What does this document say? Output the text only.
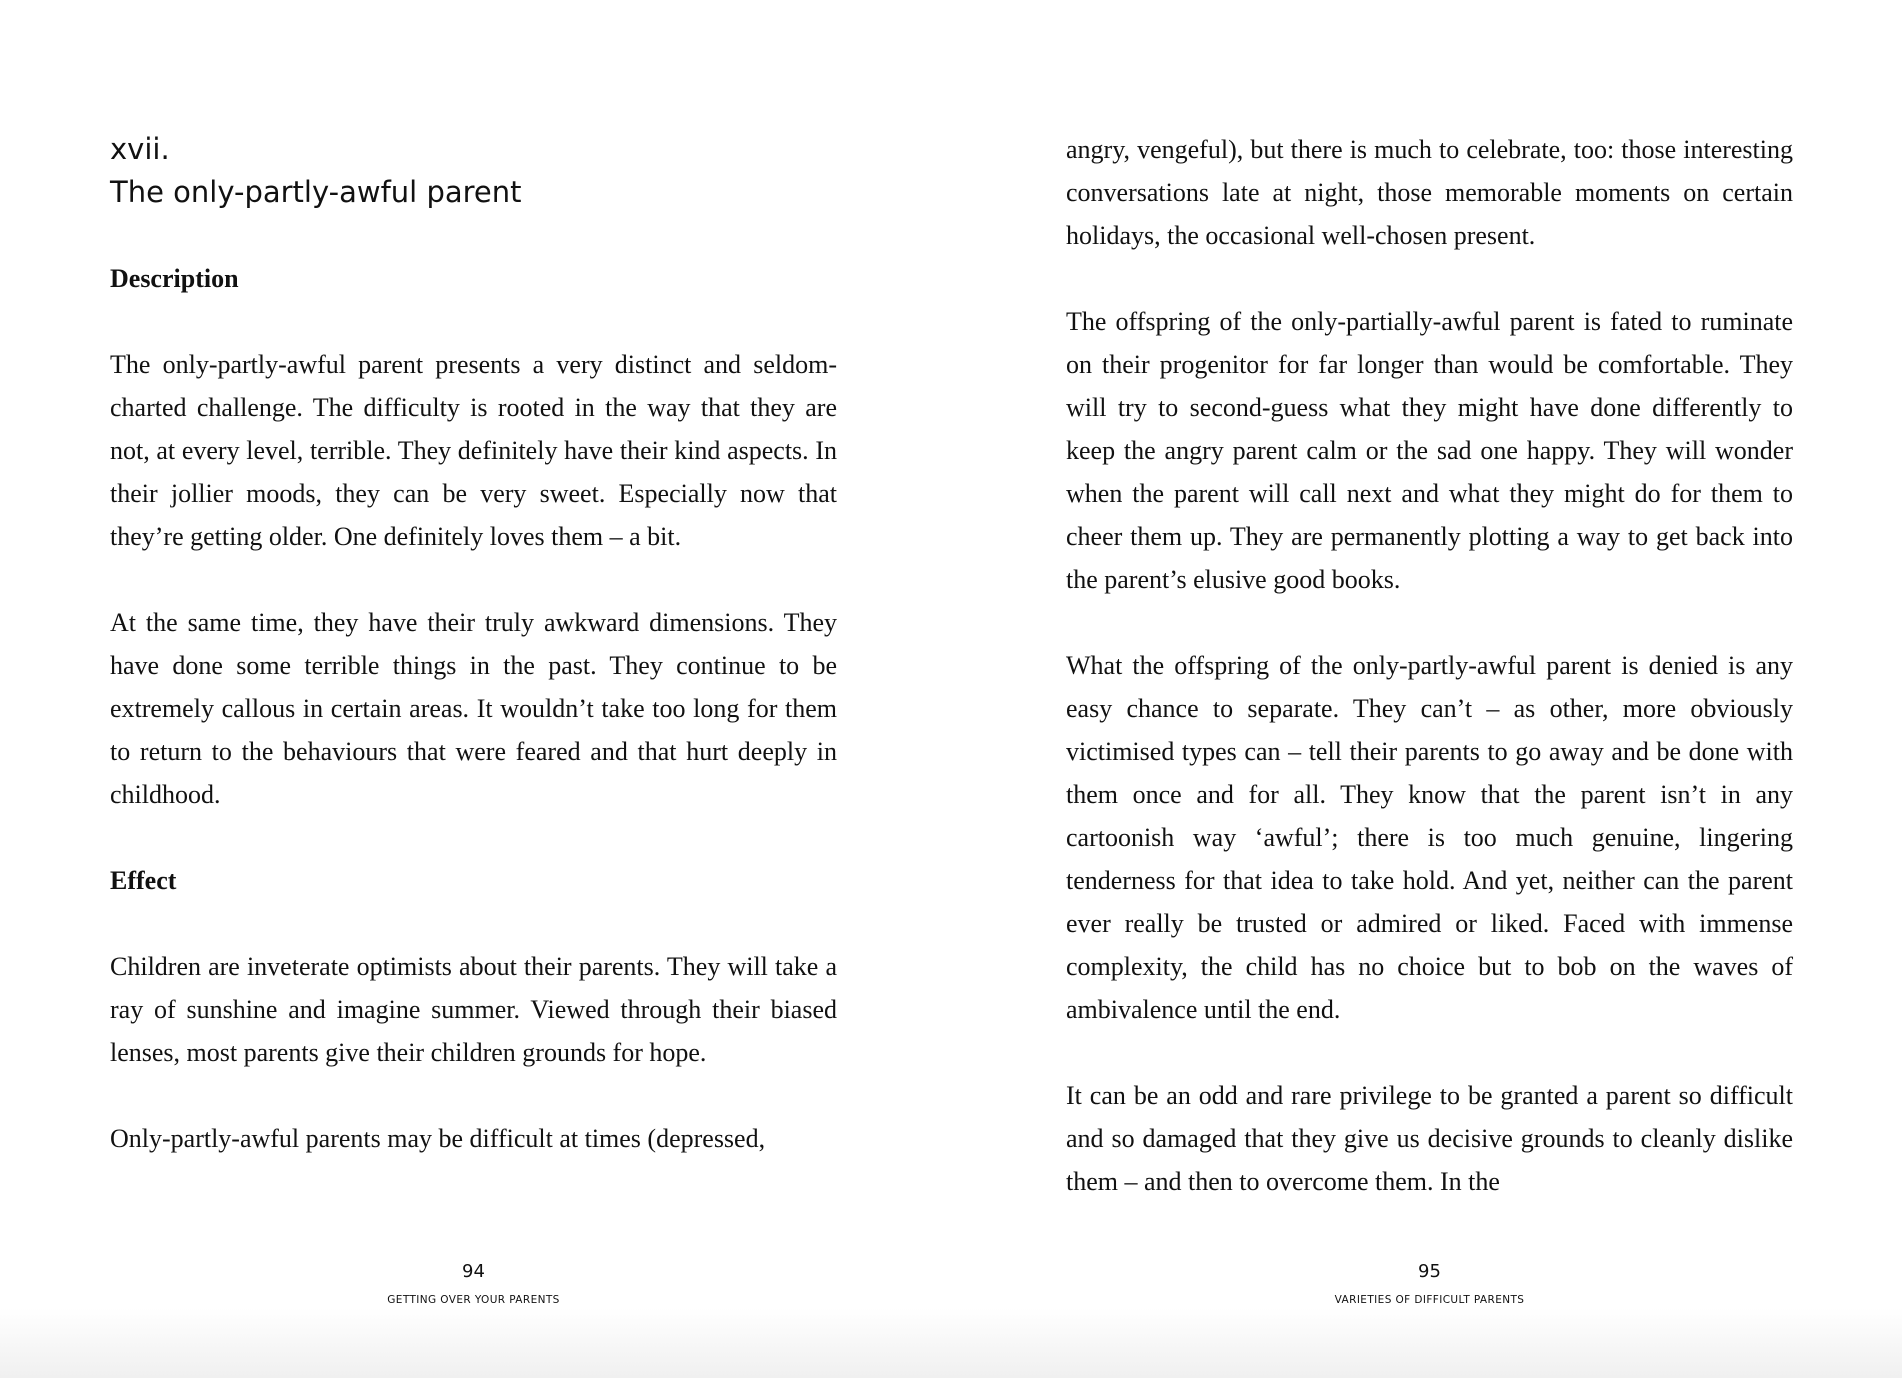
xvii.
The only-partly-awful parent
Description

The only-partly-awful parent presents a very distinct and seldom-charted challenge. The difficulty is rooted in the way that they are not, at every level, terrible. They definitely have their kind aspects. In their jollier moods, they can be very sweet. Especially now that they’re getting older. One definitely loves them – a bit.

At the same time, they have their truly awkward dimensions. They have done some terrible things in the past. They continue to be extremely callous in certain areas. It wouldn’t take too long for them to return to the behaviours that were feared and that hurt deeply in childhood.

Effect

Children are inveterate optimists about their parents. They will take a ray of sunshine and imagine summer. Viewed through their biased lenses, most parents give their children grounds for hope.

Only-partly-awful parents may be difficult at times (depressed,

angry, vengeful), but there is much to celebrate, too: those interesting conversations late at night, those memorable moments on certain holidays, the occasional well-chosen present.

The offspring of the only-partially-awful parent is fated to ruminate on their progenitor for far longer than would be comfortable. They will try to second-guess what they might have done differently to keep the angry parent calm or the sad one happy. They will wonder when the parent will call next and what they might do for them to cheer them up. They are permanently plotting a way to get back into the parent’s elusive good books.

What the offspring of the only-partly-awful parent is denied is any easy chance to separate. They can’t – as other, more obviously victimised types can – tell their parents to go away and be done with them once and for all. They know that the parent isn’t in any cartoonish way ‘awful’; there is too much genuine, lingering tenderness for that idea to take hold. And yet, neither can the parent ever really be trusted or admired or liked. Faced with immense complexity, the child has no choice but to bob on the waves of ambivalence until the end.

It can be an odd and rare privilege to be granted a parent so difficult and so damaged that they give us decisive grounds to cleanly dislike them – and then to overcome them. In the

94
GETTING OVER YOUR PARENTS
95
VARIETIES OF DIFFICULT PARENTS
